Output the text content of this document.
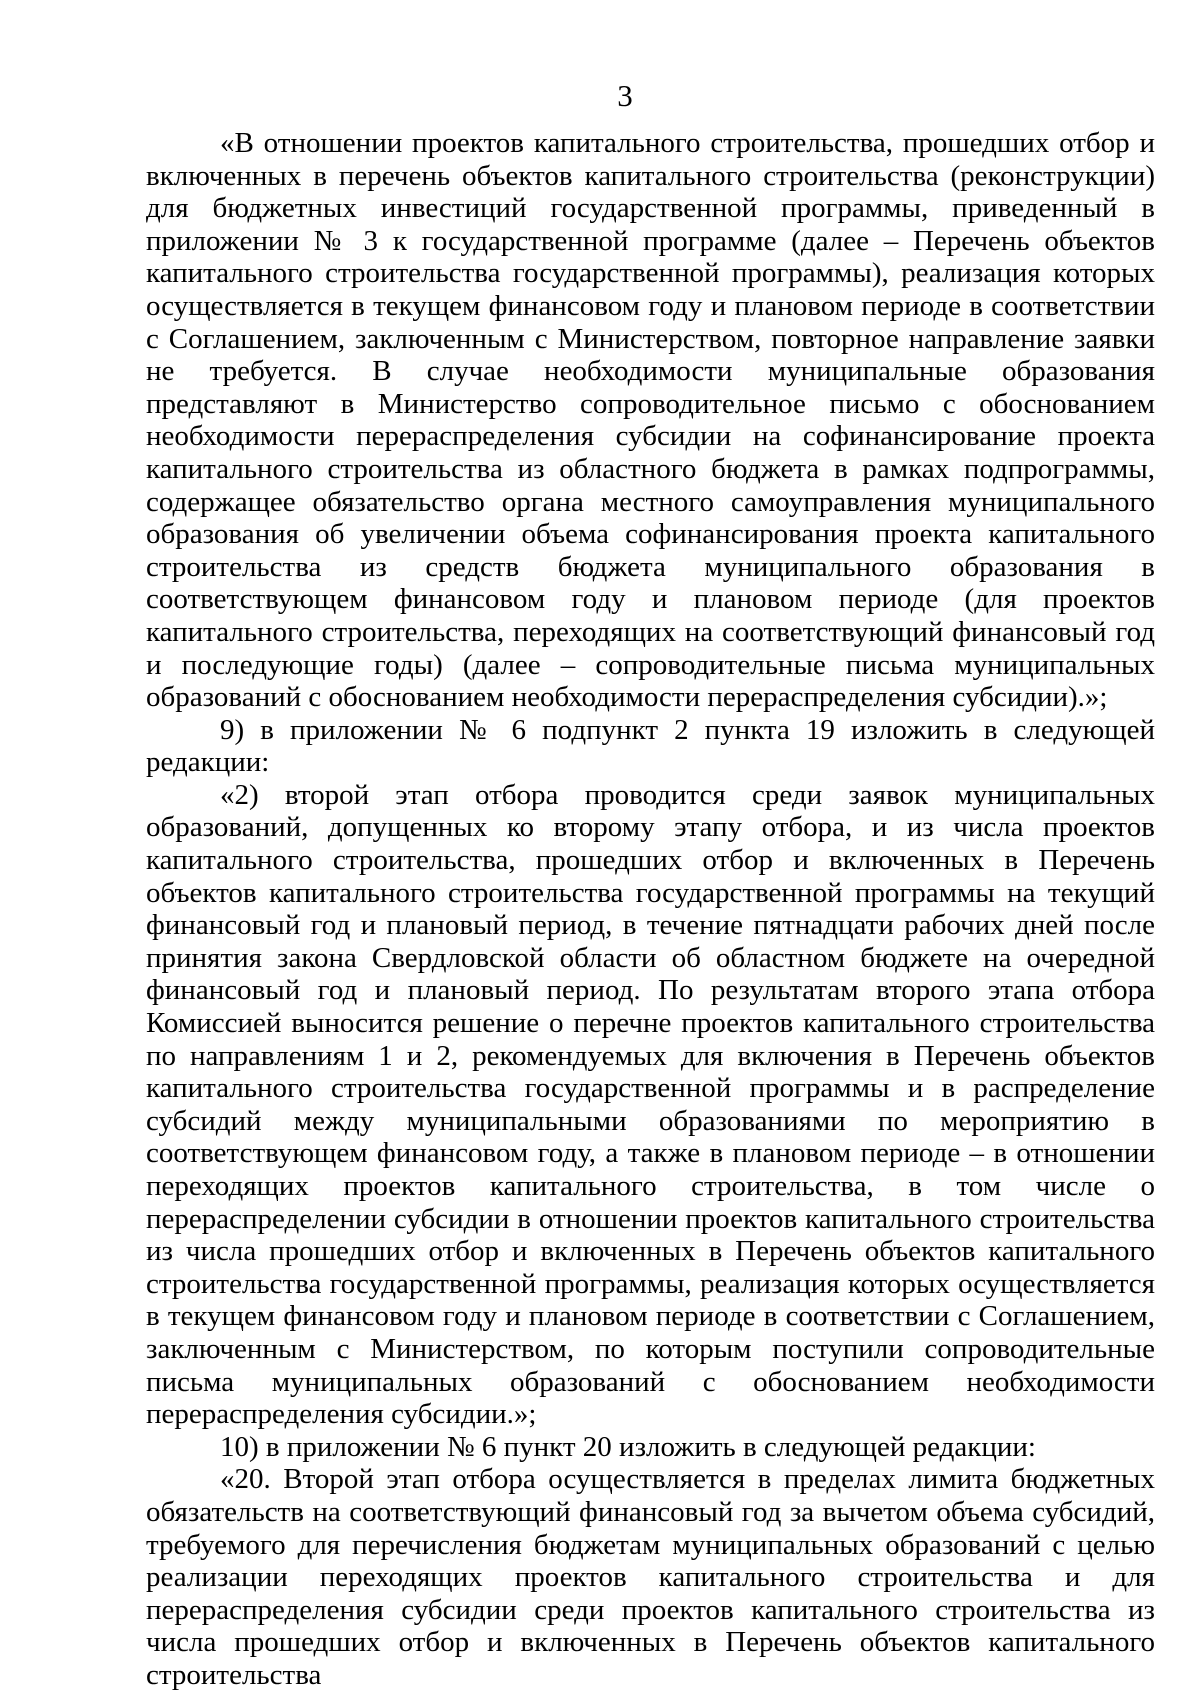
3

«В отношении проектов капитального строительства, прошедших отбор и включенных в перечень объектов капитального строительства (реконструкции) для бюджетных инвестиций государственной программы, приведенный в приложении № 3 к государственной программе (далее – Перечень объектов капитального строительства государственной программы), реализация которых осуществляется в текущем финансовом году и плановом периоде в соответствии с Соглашением, заключенным с Министерством, повторное направление заявки не требуется. В случае необходимости муниципальные образования представляют в Министерство сопроводительное письмо с обоснованием необходимости перераспределения субсидии на софинансирование проекта капитального строительства из областного бюджета в рамках подпрограммы, содержащее обязательство органа местного самоуправления муниципального образования об увеличении объема софинансирования проекта капитального строительства из средств бюджета муниципального образования в соответствующем финансовом году и плановом периоде (для проектов капитального строительства, переходящих на соответствующий финансовый год и последующие годы) (далее – сопроводительные письма муниципальных образований с обоснованием необходимости перераспределения субсидии).»;

9) в приложении № 6 подпункт 2 пункта 19 изложить в следующей редакции:

«2) второй этап отбора проводится среди заявок муниципальных образований, допущенных ко второму этапу отбора, и из числа проектов капитального строительства, прошедших отбор и включенных в Перечень объектов капитального строительства государственной программы на текущий финансовый год и плановый период, в течение пятнадцати рабочих дней после принятия закона Свердловской области об областном бюджете на очередной финансовый год и плановый период. По результатам второго этапа отбора Комиссией выносится решение о перечне проектов капитального строительства по направлениям 1 и 2, рекомендуемых для включения в Перечень объектов капитального строительства государственной программы и в распределение субсидий между муниципальными образованиями по мероприятию в соответствующем финансовом году, а также в плановом периоде – в отношении переходящих проектов капитального строительства, в том числе о перераспределении субсидии в отношении проектов капитального строительства из числа прошедших отбор и включенных в Перечень объектов капитального строительства государственной программы, реализация которых осуществляется в текущем финансовом году и плановом периоде в соответствии с Соглашением, заключенным с Министерством, по которым поступили сопроводительные письма муниципальных образований с обоснованием необходимости перераспределения субсидии.»;

10) в приложении № 6 пункт 20 изложить в следующей редакции:

«20. Второй этап отбора осуществляется в пределах лимита бюджетных обязательств на соответствующий финансовый год за вычетом объема субсидий, требуемого для перечисления бюджетам муниципальных образований с целью реализации переходящих проектов капитального строительства и для перераспределения субсидии среди проектов капитального строительства из числа прошедших отбор и включенных в Перечень объектов капитального строительства
